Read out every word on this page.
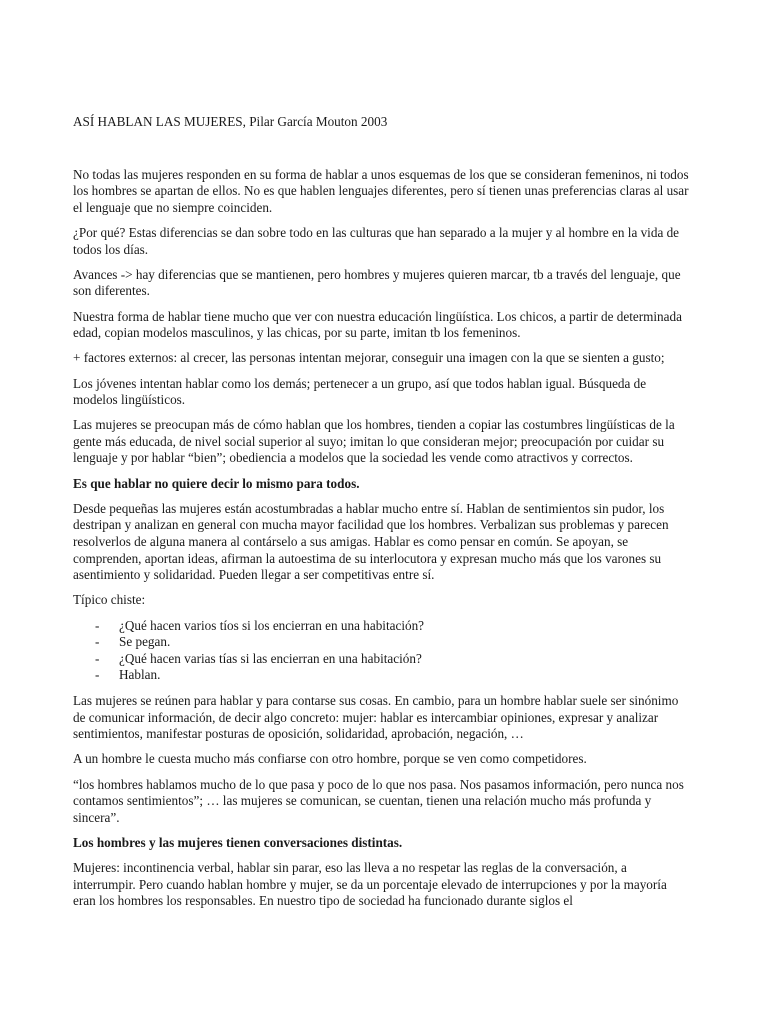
ASÍ HABLAN LAS MUJERES, Pilar García Mouton 2003

No todas las mujeres responden en su forma de hablar a unos esquemas de los que se consideran femeninos, ni todos los hombres se apartan de ellos. No es que hablen lenguajes diferentes, pero sí tienen unas preferencias claras al usar el lenguaje que no siempre coinciden.

¿Por qué? Estas diferencias se dan sobre todo en las culturas que han separado a la mujer y al hombre en la vida de todos los días.

Avances -> hay diferencias que se mantienen, pero hombres y mujeres quieren marcar, tb a través del lenguaje, que son diferentes.

Nuestra forma de hablar tiene mucho que ver con nuestra educación lingüística. Los chicos, a partir de determinada edad, copian modelos masculinos, y las chicas, por su parte, imitan tb los femeninos.

+ factores externos: al crecer, las personas intentan mejorar, conseguir una imagen con la que se sienten a gusto;

Los jóvenes intentan hablar como los demás; pertenecer a un grupo, así que todos hablan igual. Búsqueda de modelos lingüísticos.

Las mujeres se preocupan más de cómo hablan que los hombres, tienden a copiar las costumbres lingüísticas de la gente más educada, de nivel social superior al suyo; imitan lo que consideran mejor; preocupación por cuidar su lenguaje y por hablar “bien”; obediencia a modelos que la sociedad les vende como atractivos y correctos.

Es que hablar no quiere decir lo mismo para todos.

Desde pequeñas las mujeres están acostumbradas a hablar mucho entre sí. Hablan de sentimientos sin pudor, los destripan y analizan en general con mucha mayor facilidad que los hombres. Verbalizan sus problemas y parecen resolverlos de alguna manera al contárselo a sus amigas. Hablar es como pensar en común. Se apoyan, se comprenden, aportan ideas, afirman la autoestima de su interlocutora y expresan mucho más que los varones su asentimiento y solidaridad. Pueden llegar a ser competitivas entre sí.

Típico chiste:

- ¿Qué hacen varios tíos si los encierran en una habitación?
- Se pegan.
- ¿Qué hacen varias tías si las encierran en una habitación?
- Hablan.

Las mujeres se reúnen para hablar y para contarse sus cosas. En cambio, para un hombre hablar suele ser sinónimo de comunicar información, de decir algo concreto: mujer: hablar es intercambiar opiniones, expresar y analizar sentimientos, manifestar posturas de oposición, solidaridad, aprobación, negación, …

A un hombre le cuesta mucho más confiarse con otro hombre, porque se ven como competidores.

“los hombres hablamos mucho de lo que pasa y poco de lo que nos pasa. Nos pasamos información, pero nunca nos contamos sentimientos”; … las mujeres se comunican, se cuentan, tienen una relación mucho más profunda y sincera”.

Los hombres y las mujeres tienen conversaciones distintas.

Mujeres: incontinencia verbal, hablar sin parar, eso las lleva a no respetar las reglas de la conversación, a interrumpir. Pero cuando hablan hombre y mujer, se da un porcentaje elevado de interrupciones y por la mayoría eran los hombres los responsables. En nuestro tipo de sociedad ha funcionado durante siglos el
